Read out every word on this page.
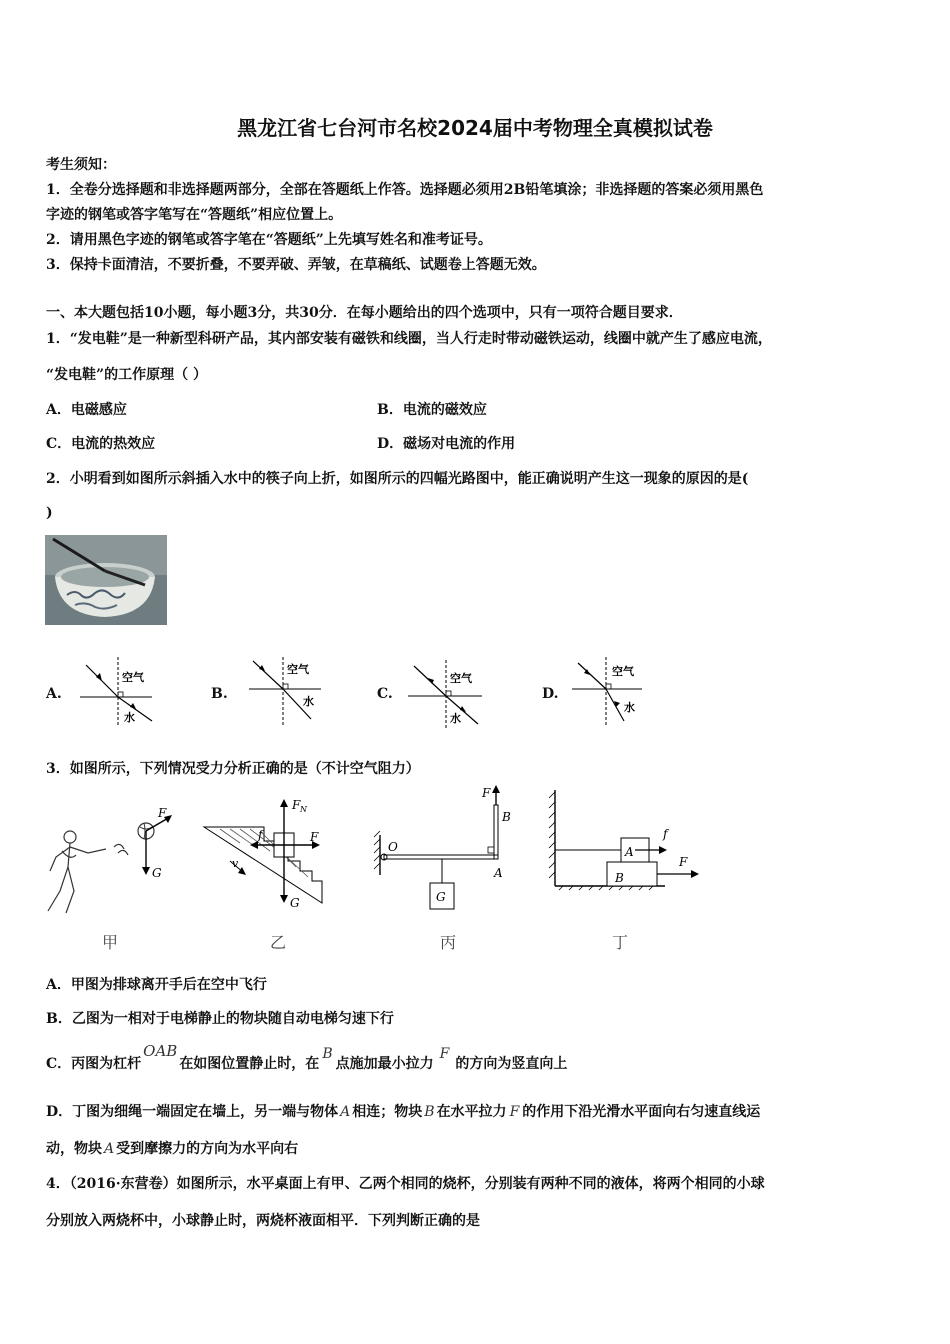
黑龙江省七台河市名校2024届中考物理全真模拟试卷
考生须知：
1．全卷分选择题和非选择题两部分，全部在答题纸上作答。选择题必须用2B铅笔填涂；非选择题的答案必须用黑色
字迹的钢笔或答字笔写在“答题纸”相应位置上。
2．请用黑色字迹的钢笔或答字笔在“答题纸”上先填写姓名和准考证号。
3．保持卡面清洁，不要折叠，不要弄破、弄皱，在草稿纸、试题卷上答题无效。
一、本大题包括10小题，每小题3分，共30分．在每小题给出的四个选项中，只有一项符合题目要求．
1．“发电鞋”是一种新型科研产品，其内部安装有磁铁和线圈，当人行走时带动磁铁运动，线圈中就产生了感应电流，
“发电鞋”的工作原理（ ）
A．电磁感应	B．电流的磁效应
C．电流的热效应	D．磁场对电流的作用
2．小明看到如图所示斜插入水中的筷子向上折，如图所示的四幅光路图中，能正确说明产生这一现象的原因的是(
)
A.
空气
水
B.
空气
水	C.
空气
水
D.
空气
水
3．如图所示，下列情况受力分析正确的是（不计空气阻力）
F
G
F N
F
f
G
v
O
F
B
A
G
A
B
f
F
甲	乙	丙	丁
A．甲图为排球离开手后在空中飞行
B．乙图为一相对于电梯静止的物块随自动电梯匀速下行
C．丙图为杠杆OAB在如图位置静止时，在B点施加最小拉力F的方向为竖直向上
D．丁图为细绳一端固定在墙上，另一端与物体 A 相连；物块 B 在水平拉力 F 的作用下沿光滑水平面向右匀速直线运
动，物块 A 受到摩擦力的方向为水平向右
4．（2016·东营卷）如图所示，水平桌面上有甲、乙两个相同的烧杯，分别装有两种不同的液体，将两个相同的小球
分别放入两烧杯中，小球静止时，两烧杯液面相平．下列判断正确的是
